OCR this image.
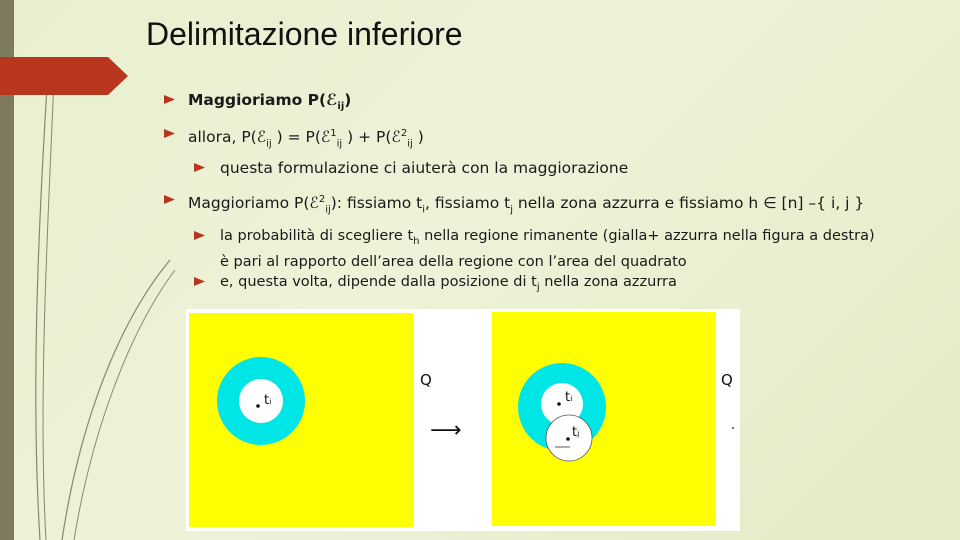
Delimitazione inferiore
Maggioriamo P(ℰ$_{ij}$)
allora, P(ℰ$_{ij}$ ) = P(ℰ$^1_{ij}$ ) + P(ℰ$^2_{ij}$ )
questa formulazione ci aiuterà con la maggiorazione
Maggioriamo P(ℰ$^2_{ij}$): fissiamo $t_i$, fissiamo $t_j$ nella zona azzurra e fissiamo h ∈ [n] –{ i, j }
la probabilità di scegliere $t_h$ nella regione rimanente (gialla+ azzurra nella figura a destra)
è pari al rapporto dell’area della regione con l’area del quadrato
e, questa volta, dipende dalla posizione di $t_j$ nella zona azzurra
tᵢ
Q
⟶
tᵢ
tⱼ
Q
